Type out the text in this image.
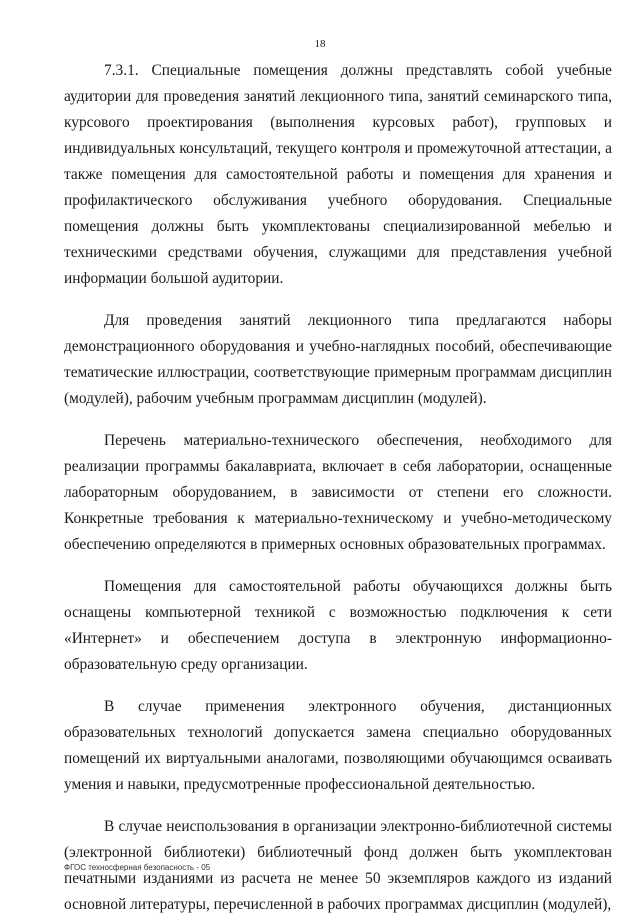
18

7.3.1. Специальные помещения должны представлять собой учебные аудитории для проведения занятий лекционного типа, занятий семинарского типа, курсового проектирования (выполнения курсовых работ), групповых и индивидуальных консультаций, текущего контроля и промежуточной аттестации, а также помещения для самостоятельной работы и помещения для хранения и профилактического обслуживания учебного оборудования. Специальные помещения должны быть укомплектованы специализированной мебелью и техническими средствами обучения, служащими для представления учебной информации большой аудитории.

Для проведения занятий лекционного типа предлагаются наборы демонстрационного оборудования и учебно-наглядных пособий, обеспечивающие тематические иллюстрации, соответствующие примерным программам дисциплин (модулей), рабочим учебным программам дисциплин (модулей).

Перечень материально-технического обеспечения, необходимого для реализации программы бакалавриата, включает в себя лаборатории, оснащенные лабораторным оборудованием, в зависимости от степени его сложности. Конкретные требования к материально-техническому и учебно-методическому обеспечению определяются в примерных основных образовательных программах.

Помещения для самостоятельной работы обучающихся должны быть оснащены компьютерной техникой с возможностью подключения к сети «Интернет» и обеспечением доступа в электронную информационно-образовательную среду организации.

В случае применения электронного обучения, дистанционных образовательных технологий допускается замена специально оборудованных помещений их виртуальными аналогами, позволяющими обучающимся осваивать умения и навыки, предусмотренные профессиональной деятельностью.

В случае неиспользования в организации электронно-библиотечной системы (электронной библиотеки) библиотечный фонд должен быть укомплектован печатными изданиями из расчета не менее 50 экземпляров каждого из изданий основной литературы, перечисленной в рабочих программах дисциплин (модулей),

ФГОС техносферная безопасность - 05
